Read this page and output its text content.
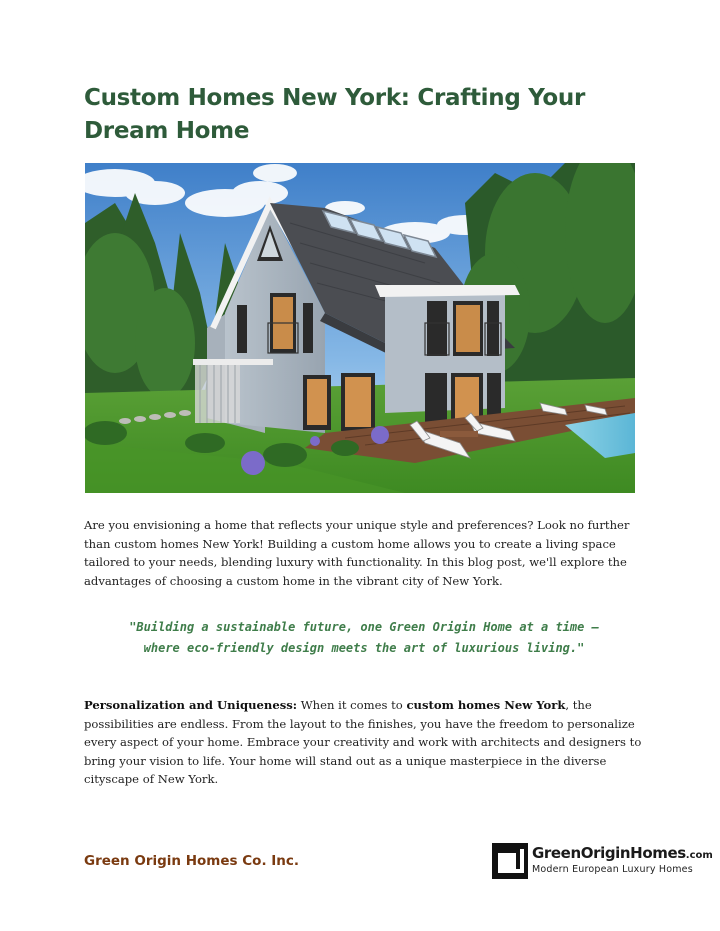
Custom Homes New York: Crafting Your Dream Home

Are you envisioning a home that reflects your unique style and preferences? Look no further than custom homes New York! Building a custom home allows you to create a living space tailored to your needs, blending luxury with functionality. In this blog post, we'll explore the advantages of choosing a custom home in the vibrant city of New York.

"Building a sustainable future, one Green Origin Home at a time –
where eco-friendly design meets the art of luxurious living."

Personalization and Uniqueness: When it comes to custom homes New York, the possibilities are endless. From the layout to the finishes, you have the freedom to personalize every aspect of your home. Embrace your creativity and work with architects and designers to bring your vision to life. Your home will stand out as a unique masterpiece in the diverse cityscape of New York.

Green Origin Homes Co. Inc.	GreenOriginHomes.com
Modern European Luxury Homes
